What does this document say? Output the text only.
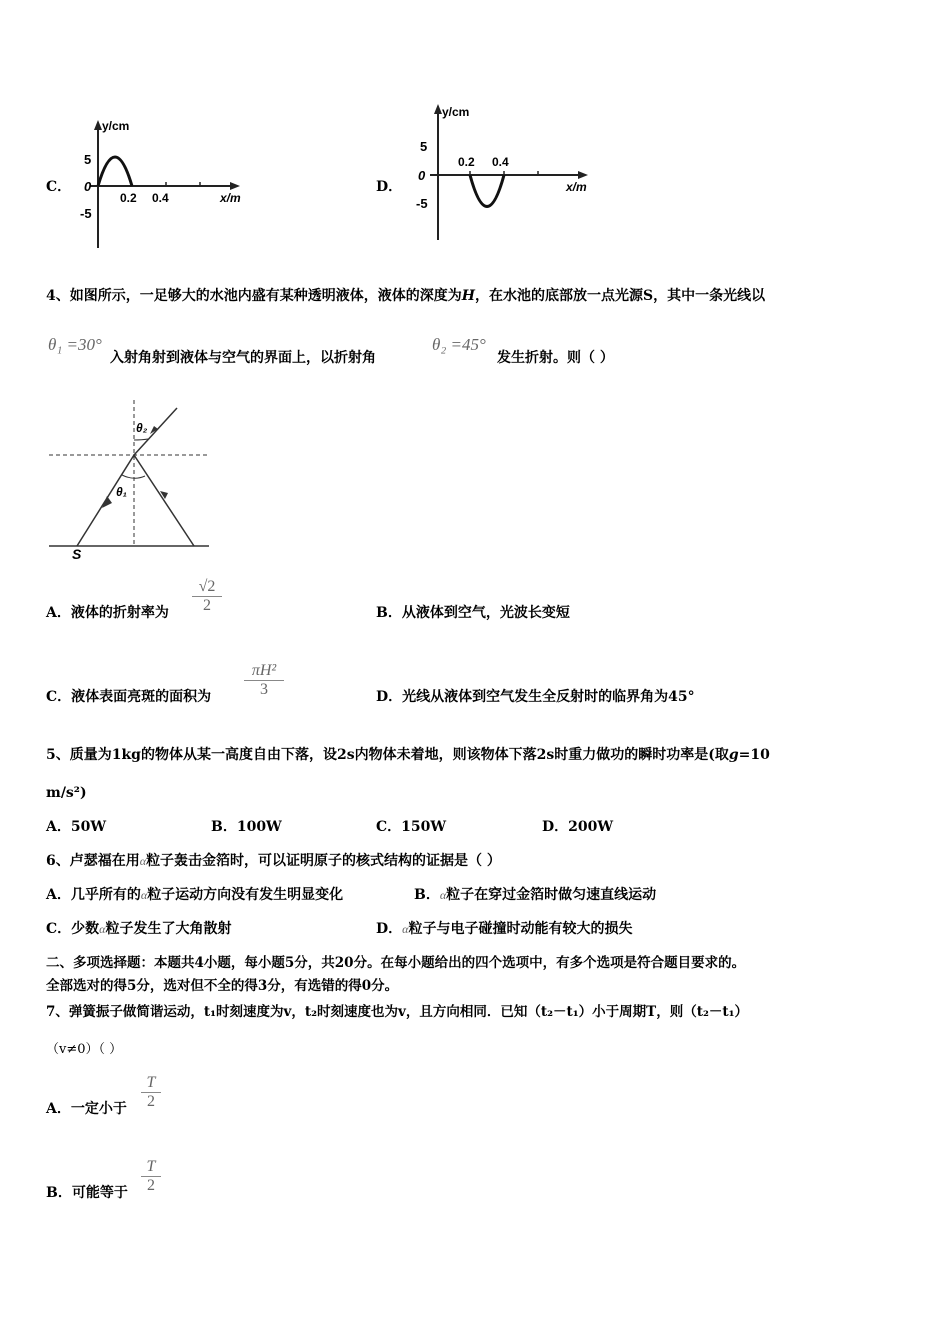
C．
y/cm
5
0
-5
0.2 0.4	x/m
D．
y/cm
5
0
-5
0.2 0.4
x/m
4、如图所示，一足够大的水池内盛有某种透明液体，液体的深度为H，在水池的底部放一点光源S，其中一条光线以
θ₁ =30°
入射角射到液体与空气的界面上，以折射角
θ₂ =45°
发生折射。则（ ）
θ₁
θ₂
S
A．液体的折射率为 $\frac{√2}{2}$	B．从液体到空气，光波长变短
C．液体表面亮斑的面积为 $\frac{\text{πH²}}{3}$	D．光线从液体到空气发生全反射时的临界角为45°
5、质量为1kg的物体从某一高度自由下落，设2s内物体未着地，则该物体下落2s时重力做功的瞬时功率是(取g=10
m/s²)
A．50W	B．100W	C．150W	D．200W
6、卢瑟福在用α粒子轰击金箔时，可以证明原子的核式结构的证据是（ ）
A．几乎所有的α粒子运动方向没有发生明显变化	B．α粒子在穿过金箔时做匀速直线运动
C．少数α粒子发生了大角散射	D．α粒子与电子碰撞时动能有较大的损失
二、多项选择题：本题共4小题，每小题5分，共20分。在每小题给出的四个选项中，有多个选项是符合题目要求的。
全部选对的得5分，选对但不全的得3分，有选错的得0分。
7、弹簧振子做简谐运动，t₁时刻速度为v，t₂时刻速度也为v，且方向相同．已知（t₂－t₁）小于周期T，则（t₂－t₁）
（v≠0）（ ）
A．一定小于 $\frac{T}{2}$
B．可能等于 $\frac{T}{2}$
